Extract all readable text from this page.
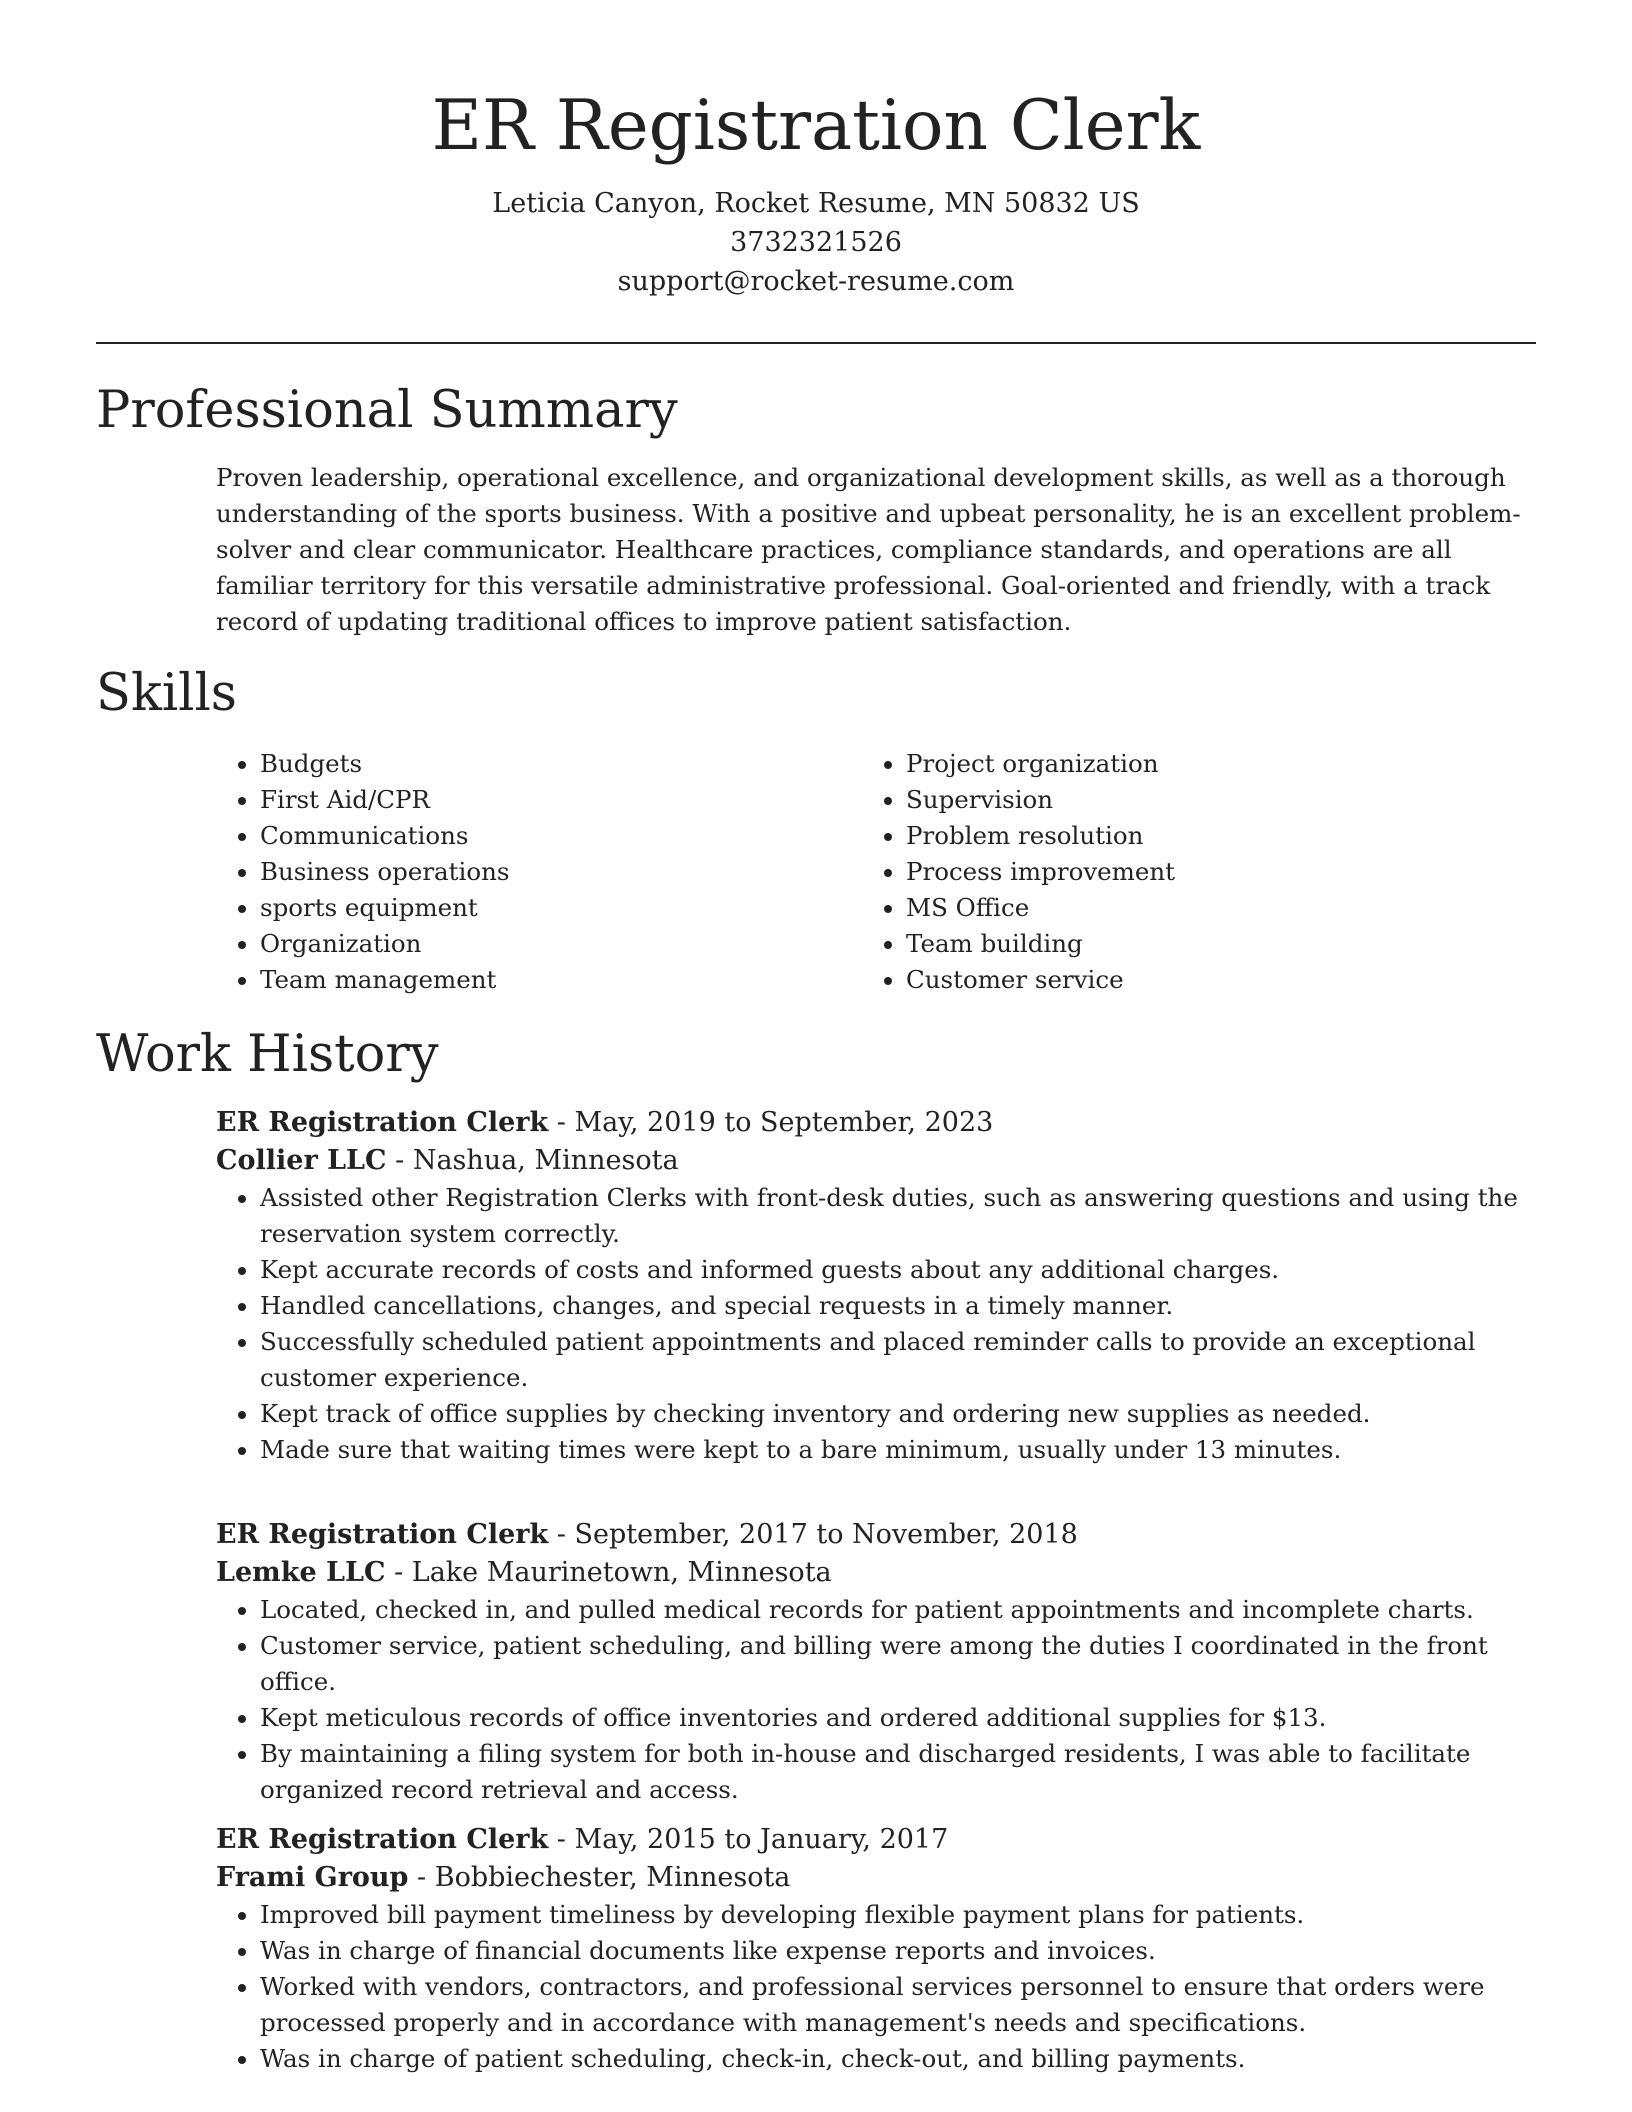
ER Registration Clerk
Leticia Canyon, Rocket Resume, MN 50832 US
3732321526
support@rocket-resume.com
Professional Summary

Proven leadership, operational excellence, and organizational development skills, as well as a thorough understanding of the sports business. With a positive and upbeat personality, he is an excellent problem-solver and clear communicator. Healthcare practices, compliance standards, and operations are all familiar territory for this versatile administrative professional. Goal-oriented and friendly, with a track record of updating traditional offices to improve patient satisfaction.

Skills
• Budgets
• First Aid/CPR
• Communications
• Business operations
• sports equipment
• Organization
• Team management
• Project organization
• Supervision
• Problem resolution
• Process improvement
• MS Office
• Team building
• Customer service
Work History
ER Registration Clerk - May, 2019 to September, 2023
Collier LLC - Nashua, Minnesota
• Assisted other Registration Clerks with front-desk duties, such as answering questions and using the reservation system correctly.
• Kept accurate records of costs and informed guests about any additional charges.
• Handled cancellations, changes, and special requests in a timely manner.
• Successfully scheduled patient appointments and placed reminder calls to provide an exceptional customer experience.
• Kept track of office supplies by checking inventory and ordering new supplies as needed.
• Made sure that waiting times were kept to a bare minimum, usually under 13 minutes.
ER Registration Clerk - September, 2017 to November, 2018
Lemke LLC - Lake Maurinetown, Minnesota
• Located, checked in, and pulled medical records for patient appointments and incomplete charts.
• Customer service, patient scheduling, and billing were among the duties I coordinated in the front office.
• Kept meticulous records of office inventories and ordered additional supplies for $13.
• By maintaining a filing system for both in-house and discharged residents, I was able to facilitate organized record retrieval and access.
ER Registration Clerk - May, 2015 to January, 2017
Frami Group - Bobbiechester, Minnesota
• Improved bill payment timeliness by developing flexible payment plans for patients.
• Was in charge of financial documents like expense reports and invoices.
• Worked with vendors, contractors, and professional services personnel to ensure that orders were processed properly and in accordance with management's needs and specifications.
• Was in charge of patient scheduling, check-in, check-out, and billing payments.
